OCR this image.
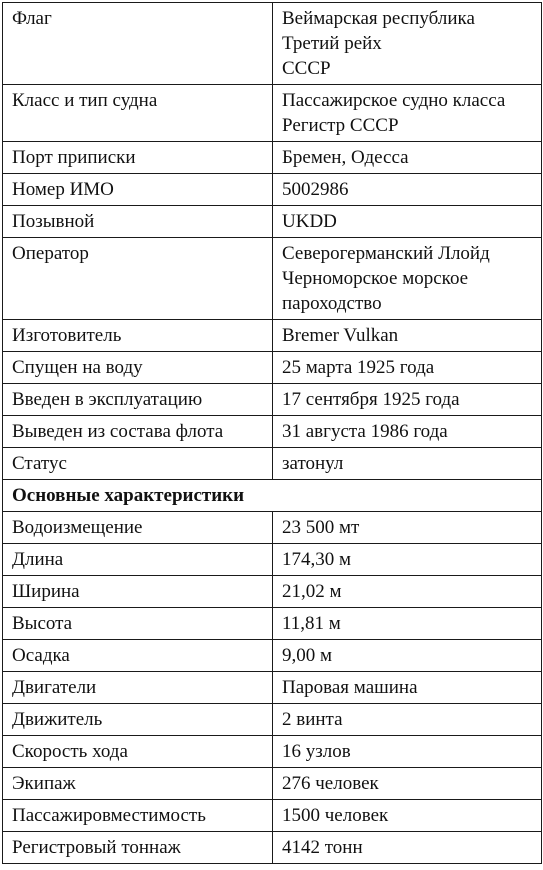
Флаг	Веймарская республика
Третий рейх
СССР

Класс и тип судна	Пассажирское судно класса
Регистр СССР

Порт приписки	Бремен, Одесса

Номер ИМО	5002986

Позывной	UKDD

Оператор	Северогерманский Ллойд
Черноморское морское
пароходство

Изготовитель	Bremer Vulkan

Спущен на воду	25 марта 1925 года

Введен в эксплуатацию	17 сентября 1925 года

Выведен из состава флота	31 августа 1986 года

Статус	затонул

Основные характеристики	
Водоизмещение	23 500 мт
Длина	174,30 м
Ширина	21,02 м
Высота	11,81 м
Осадка	9,00 м
Двигатели	Паровая машина
Движитель	2 винта
Скорость хода	16 узлов
Экипаж	276 человек
Пассажировместимость	1500 человек
Регистровый тоннаж	4142 тонн
